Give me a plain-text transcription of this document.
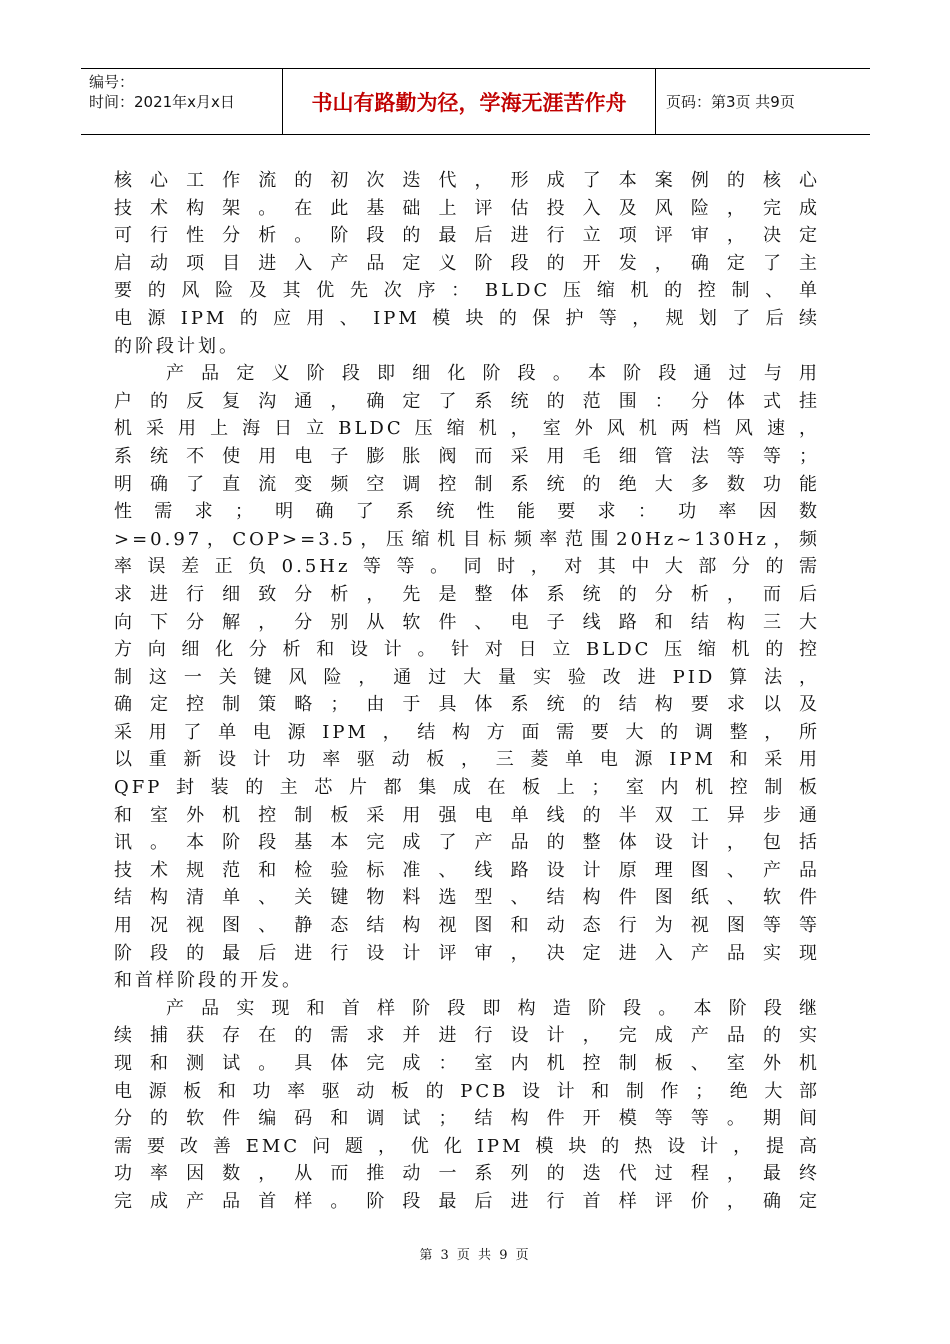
编号：
时间：2021年x月x日	书山有路勤为径，学海无涯苦作舟	页码：第3页 共9页

核心工作流的初次迭代，形成了本案例的核心

技术构架。在此基础上评估投入及风险，完成

可行性分析。阶段的最后进行立项评审，决定

启动项目进入产品定义阶段的开发，确定了主

要的风险及其优先次序：BLDC压缩机的控制、单

电源IPM的应用、IPM模块的保护等，规划了后续

的阶段计划。

产品定义阶段即细化阶段。本阶段通过与用

户的反复沟通，确定了系统的范围：分体式挂

机采用上海日立BLDC压缩机，室外风机两档风速，

系统不使用电子膨胀阀而采用毛细管法等等；

明确了直流变频空调控制系统的绝大多数功能

性需求；明确了系统性能要求：功率因数

>=0.97，COP>=3.5，压缩机目标频率范围20Hz~130Hz，频

率误差正负0.5Hz等等。同时，对其中大部分的需

求进行细致分析，先是整体系统的分析，而后

向下分解，分别从软件、电子线路和结构三大

方向细化分析和设计。针对日立BLDC压缩机的控

制这一关键风险，通过大量实验改进PID算法，

确定控制策略；由于具体系统的结构要求以及

采用了单电源IPM，结构方面需要大的调整，所

以重新设计功率驱动板，三菱单电源IPM和采用

QFP封装的主芯片都集成在板上；室内机控制板

和室外机控制板采用强电单线的半双工异步通

讯。本阶段基本完成了产品的整体设计，包括

技术规范和检验标准、线路设计原理图、产品

结构清单、关键物料选型、结构件图纸、软件

用况视图、静态结构视图和动态行为视图等等

阶段的最后进行设计评审，决定进入产品实现

和首样阶段的开发。

产品实现和首样阶段即构造阶段。本阶段继

续捕获存在的需求并进行设计，完成产品的实

现和测试。具体完成：室内机控制板、室外机

电源板和功率驱动板的PCB设计和制作；绝大部

分的软件编码和调试；结构件开模等等。期间

需要改善EMC问题，优化IPM模块的热设计，提高

功率因数，从而推动一系列的迭代过程，最终

完成产品首样。阶段最后进行首样评价，确定

第 3 页 共 9 页
